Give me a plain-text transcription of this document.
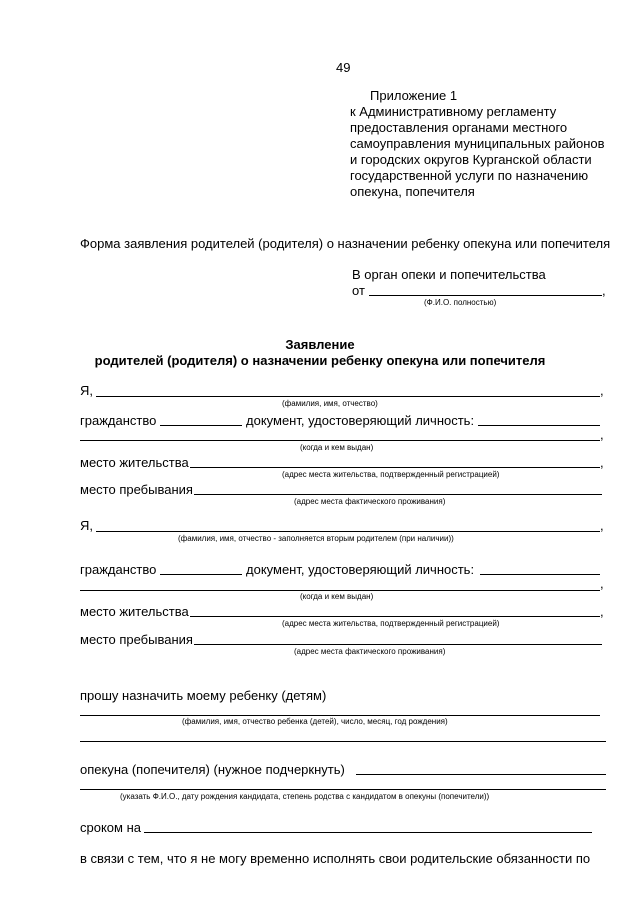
49
Приложение 1
к Административному регламенту
предоставления органами местного
самоуправления муниципальных районов
и городских округов Курганской области
государственной услуги по назначению
опекуна, попечителя
Форма заявления родителей (родителя) о назначении ребенку опекуна или попечителя
В орган опеки и попечительства
от	,
(Ф.И.О. полностью)
Заявление
родителей (родителя) о назначении ребенку опекуна или попечителя
Я,	,
(фамилия, имя, отчество)
гражданство	документ, удостоверяющий личность:
,
(когда и кем выдан)
место жительства	,
(адрес места жительства, подтвержденный регистрацией)
место пребывания
(адрес места фактического проживания)
Я,	,
(фамилия, имя, отчество - заполняется вторым родителем (при наличии))
гражданство	документ, удостоверяющий личность:
,
(когда и кем выдан)
место жительства	,
(адрес места жительства, подтвержденный регистрацией)
место пребывания
(адрес места фактического проживания)
прошу назначить моему ребенку (детям)
(фамилия, имя, отчество ребенка (детей), число, месяц, год рождения)
опекуна (попечителя) (нужное подчеркнуть)
(указать Ф.И.О., дату рождения кандидата, степень родства с кандидатом в опекуны (попечители))
сроком на
в связи с тем, что я не могу временно исполнять свои родительские обязанности по
